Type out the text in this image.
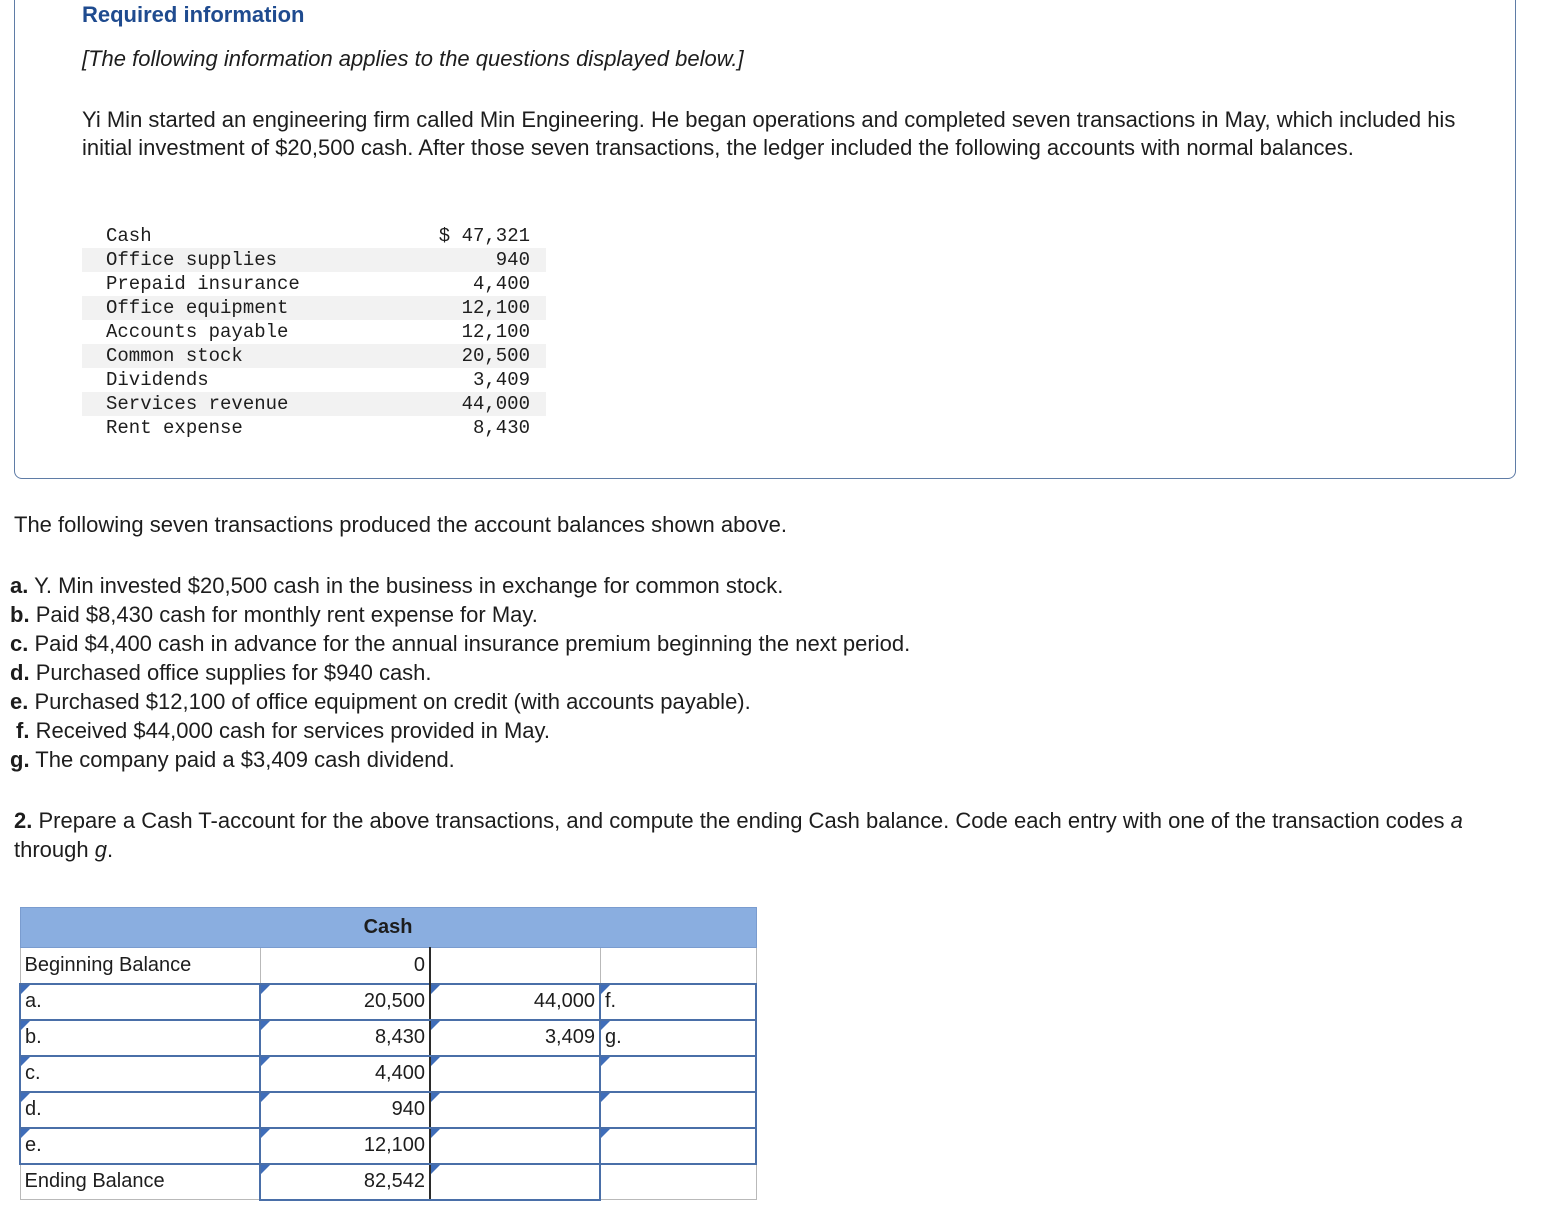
Required information
[The following information applies to the questions displayed below.]
Yi Min started an engineering firm called Min Engineering. He began operations and completed seven transactions in May, which included his initial investment of $20,500 cash. After those seven transactions, the ledger included the following accounts with normal balances.
Cash	$ 47,321
Office supplies	940
Prepaid insurance	4,400
Office equipment	12,100
Accounts payable	12,100
Common stock	20,500
Dividends	3,409
Services revenue	44,000
Rent expense	8,430
The following seven transactions produced the account balances shown above.
a. Y. Min invested $20,500 cash in the business in exchange for common stock.
b. Paid $8,430 cash for monthly rent expense for May.
c. Paid $4,400 cash in advance for the annual insurance premium beginning the next period.
d. Purchased office supplies for $940 cash.
e. Purchased $12,100 of office equipment on credit (with accounts payable).
f. Received $44,000 cash for services provided in May.
g. The company paid a $3,409 cash dividend.
2. Prepare a Cash T-account for the above transactions, and compute the ending Cash balance. Code each entry with one of the transaction codes a through g.
Cash			
Beginning Balance	0		
a.	20,500	44,000	f.
b.	8,430	3,409	g.
c.	4,400		
d.	940		
e.	12,100		
Ending Balance	82,542		
